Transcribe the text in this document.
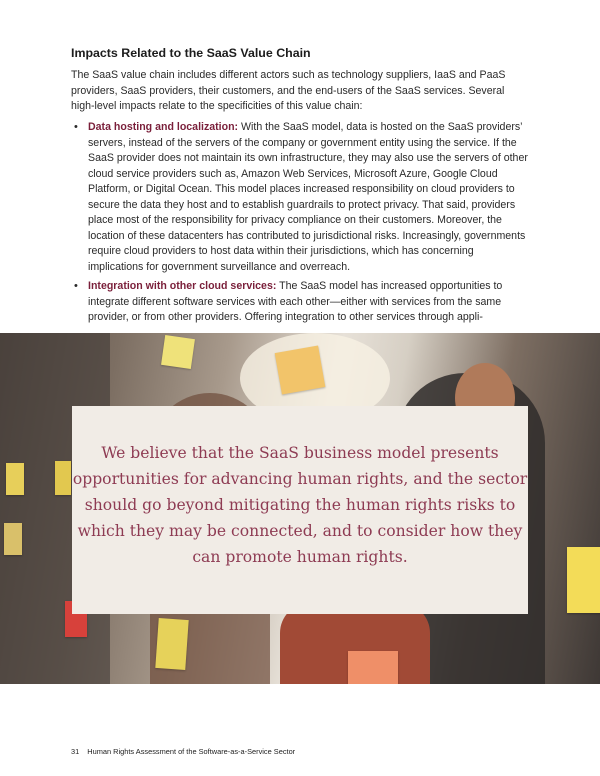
Impacts Related to the SaaS Value Chain

The SaaS value chain includes different actors such as technology suppliers, IaaS and PaaS providers, SaaS providers, their customers, and the end-users of the SaaS services. Several high-level impacts relate to the specificities of this value chain:

• Data hosting and localization: With the SaaS model, data is hosted on the SaaS providers’ servers, instead of the servers of the company or government entity using the service. If the SaaS provider does not maintain its own infrastructure, they may also use the servers of other cloud service providers such as, Amazon Web Services, Microsoft Azure, Google Cloud Platform, or Digital Ocean. This model places increased responsibility on cloud providers to secure the data they host and to establish guardrails to protect privacy. That said, providers place most of the responsibility for privacy compliance on their customers. Moreover, the location of these datacenters has contributed to jurisdictional risks. Increasingly, governments require cloud providers to host data within their jurisdictions, which has concerning implications for government surveillance and overreach.
• Integration with other cloud services: The SaaS model has increased opportunities to integrate different software services with each other—either with services from the same provider, or from other providers. Offering integration to other services through appli-

We believe that the SaaS business model presents opportunities for advancing human rights, and the sector should go beyond mitigating the human rights risks to which they may be connected, and to consider how they can promote human rights.

31 Human Rights Assessment of the Software-as-a-Service Sector
